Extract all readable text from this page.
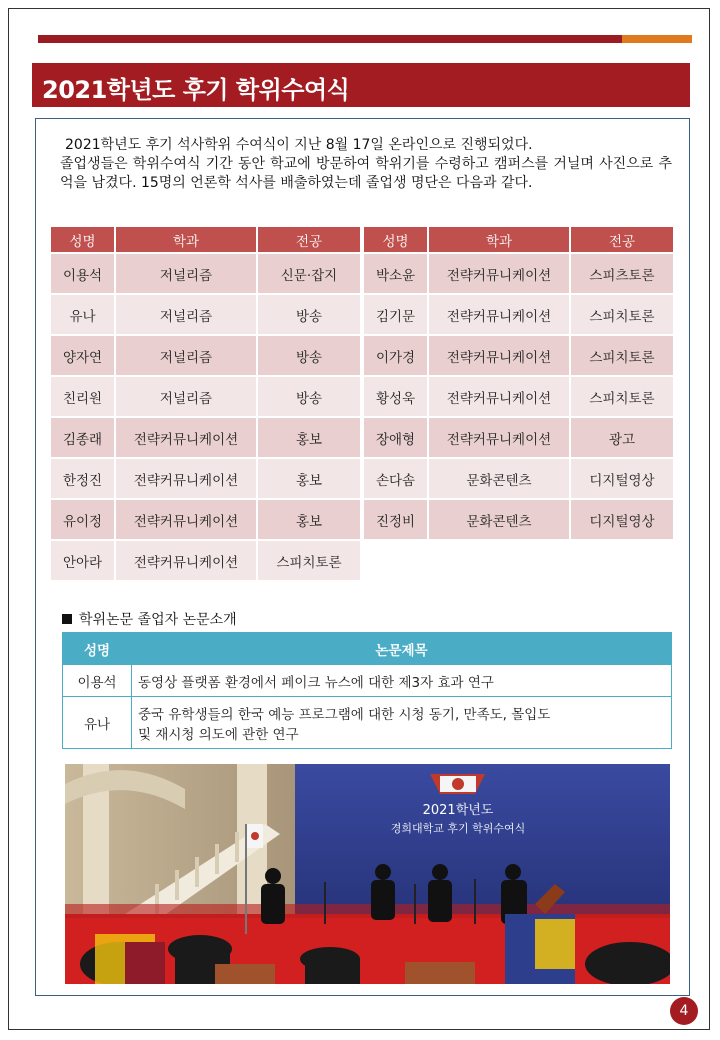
2021학년도 후기 학위수여식
2021학년도 후기 석사학위 수여식이 지난 8월 17일 온라인으로 진행되었다.
졸업생들은 학위수여식 기간 동안 학교에 방문하여 학위기를 수령하고 캠퍼스를 거닐며 사진으로 추억을 남겼다. 15명의 언론학 석사를 배출하였는데 졸업생 명단은 다음과 같다.
성명	학과	전공
이용석	저널리즘	신문·잡지
유나	저널리즘	방송
양자연	저널리즘	방송
친리원	저널리즘	방송
김종래	전략커뮤니케이션	홍보
한정진	전략커뮤니케이션	홍보
유이정	전략커뮤니케이션	홍보
안아라	전략커뮤니케이션	스피치토론
성명	학과	전공
박소윤	전략커뮤니케이션	스피츠토론
김기문	전략커뮤니케이션	스피치토론
이가경	전략커뮤니케이션	스피치토론
황성욱	전략커뮤니케이션	스피치토론
장애형	전략커뮤니케이션	광고
손다솜	문화콘텐츠	디지털영상
진정비	문화콘텐츠	디지털영상
학위논문 졸업자 논문소개
성명	논문제목
이용석	동영상 플랫폼 환경에서 페이크 뉴스에 대한 제3자 효과 연구

유나	중국 유학생들의 한국 예능 프로그램에 대한 시청 동기, 만족도, 몰입도
및 재시청 의도에 관한 연구
2021학년도
경희대학교 후기 학위수여식
4
